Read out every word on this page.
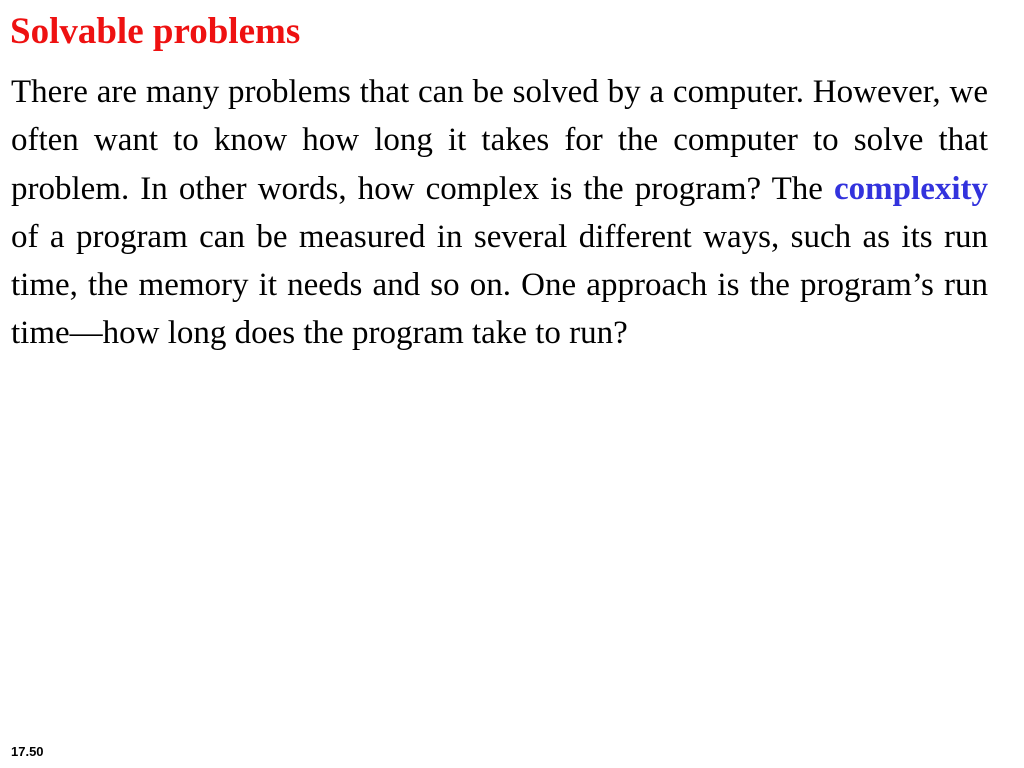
Solvable problems

There are many problems that can be solved by a computer. However, we often want to know how long it takes for the computer to solve that problem. In other words, how complex is the program? The complexity of a program can be measured in several different ways, such as its run time, the memory it needs and so on. One approach is the program’s run time—how long does the program take to run?

17.50
